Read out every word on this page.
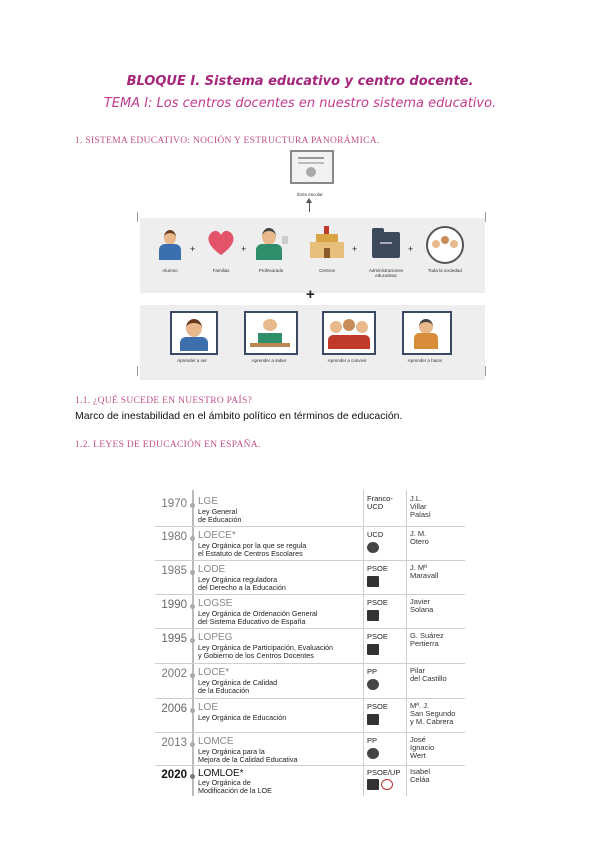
BLOQUE I. Sistema educativo y centro docente.
TEMA I: Los centros docentes en nuestro sistema educativo.
1. SISTEMA EDUCATIVO: NOCIÓN Y ESTRUCTURA PANORÁMICA.
Éxito escolar
Alumno
+
Familias
+
Profesorado	Centros
+
Administraciones educativas
+
Toda la sociedad
+
Aprender a ser	Aprender a saber	Aprender a convivir	Aprender a hacer
1.1. ¿QUÉ SUCEDE EN NUESTRO PAÍS?
Marco de inestabilidad en el ámbito político en términos de educación.
1.2. LEYES DE EDUCACIÓN EN ESPAÑA.
1970 LGE
Ley General
de Educación
Franco-UCD
J.L.
Villar
Palasí
1980 LOECE*
Ley Orgánica por la que se regula
el Estatuto de Centros Escolares
UCD	J. M.
Otero
1985 LODE
Ley Orgánica reguladora
del Derecho a la Educación
PSOE	J. Mª
Maravall
1990 LOGSE
Ley Orgánica de Ordenación General
del Sistema Educativo de España
PSOE	Javier
Solana
1995 LOPEG
Ley Orgánica de Participación, Evaluación
y Gobierno de los Centros Docentes
PSOE	G. Suárez
Pertierra
2002 LOCE*
Ley Orgánica de Calidad
de la Educación
PP	Pilar
del Castillo
2006 LOE
Ley Orgánica de Educación
PSOE	Mª. J.
San Segundo
y M. Cabrera
2013 LOMCE
Ley Orgánica para la
Mejora de la Calidad Educativa
PP	José
Ignacio
Wert
2020 LOMLOE*
Ley Orgánica de
Modificación de la LOE
PSOE/UP Isabel
Celáa
